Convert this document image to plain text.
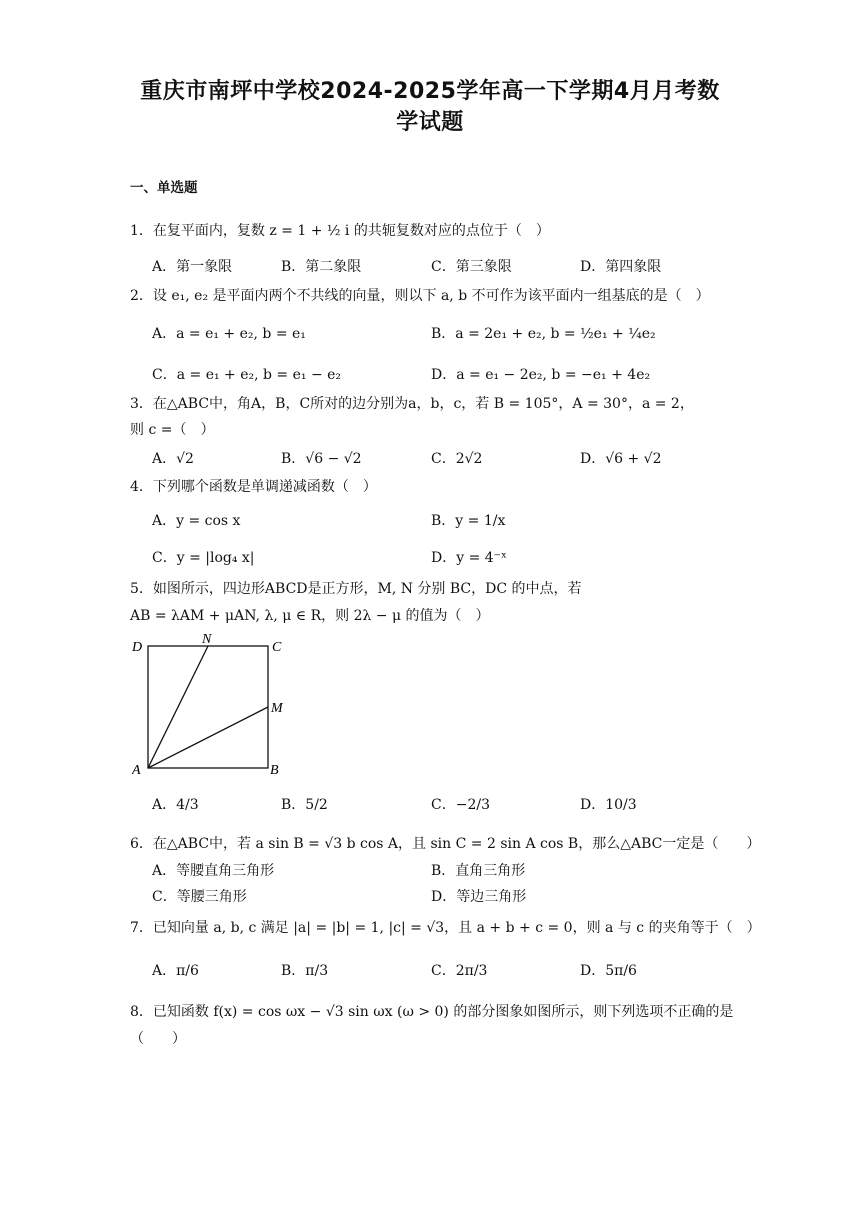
重庆市南坪中学校2024-2025学年高一下学期4月月考数
学试题
一、单选题
1．在复平面内，复数 z = 1 + ½ i 的共轭复数对应的点位于（　）
A．第一象限	B．第二象限	C．第三象限	D．第四象限
2．设 e₁, e₂ 是平面内两个不共线的向量，则以下 a, b 不可作为该平面内一组基底的是（　）
A．a = e₁ + e₂, b = e₁	B．a = 2e₁ + e₂, b = ½e₁ + ¼e₂
C．a = e₁ + e₂, b = e₁ − e₂	D．a = e₁ − 2e₂, b = −e₁ + 4e₂
3．在△ABC中，角A，B，C所对的边分别为a，b，c，若 B = 105°，A = 30°，a = 2，
则 c =（　）
A．√2	B．√6 − √2	C．2√2	D．√6 + √2
4．下列哪个函数是单调递减函数（　）
A．y = cos x	B．y = 1/x
C．y = |log₄ x|	D．y = 4⁻ˣ
5．如图所示，四边形ABCD是正方形，M, N 分别 BC，DC 的中点，若
AB = λAM + μAN, λ, μ ∈ R，则 2λ − μ 的值为（　）
D
N
C
M
A	B
A．4/3	B．5/2	C．−2/3	D．10/3
6．在△ABC中，若 a sin B = √3 b cos A，且 sin C = 2 sin A cos B，那么△ABC一定是（　　）
A．等腰直角三角形	B．直角三角形
C．等腰三角形	D．等边三角形
7．已知向量 a, b, c 满足 |a| = |b| = 1, |c| = √3，且 a + b + c = 0，则 a 与 c 的夹角等于（　）
A．π/6	B．π/3	C．2π/3	D．5π/6
8．已知函数 f(x) = cos ωx − √3 sin ωx (ω > 0) 的部分图象如图所示，则下列选项不正确的是
（　　）
